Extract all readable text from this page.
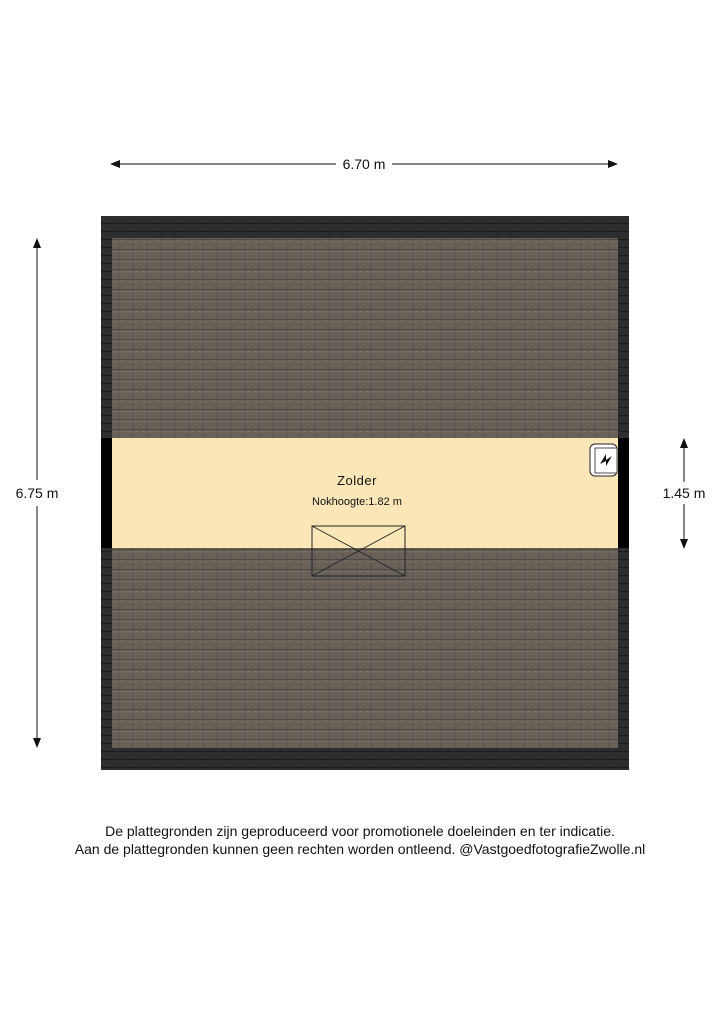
6.70 m
6.75 m	1.45 m
Zolder
Nokhoogte:1.82 m
De plattegronden zijn geproduceerd voor promotionele doeleinden en ter indicatie.
Aan de plattegronden kunnen geen rechten worden ontleend. @VastgoedfotografieZwolle.nl
